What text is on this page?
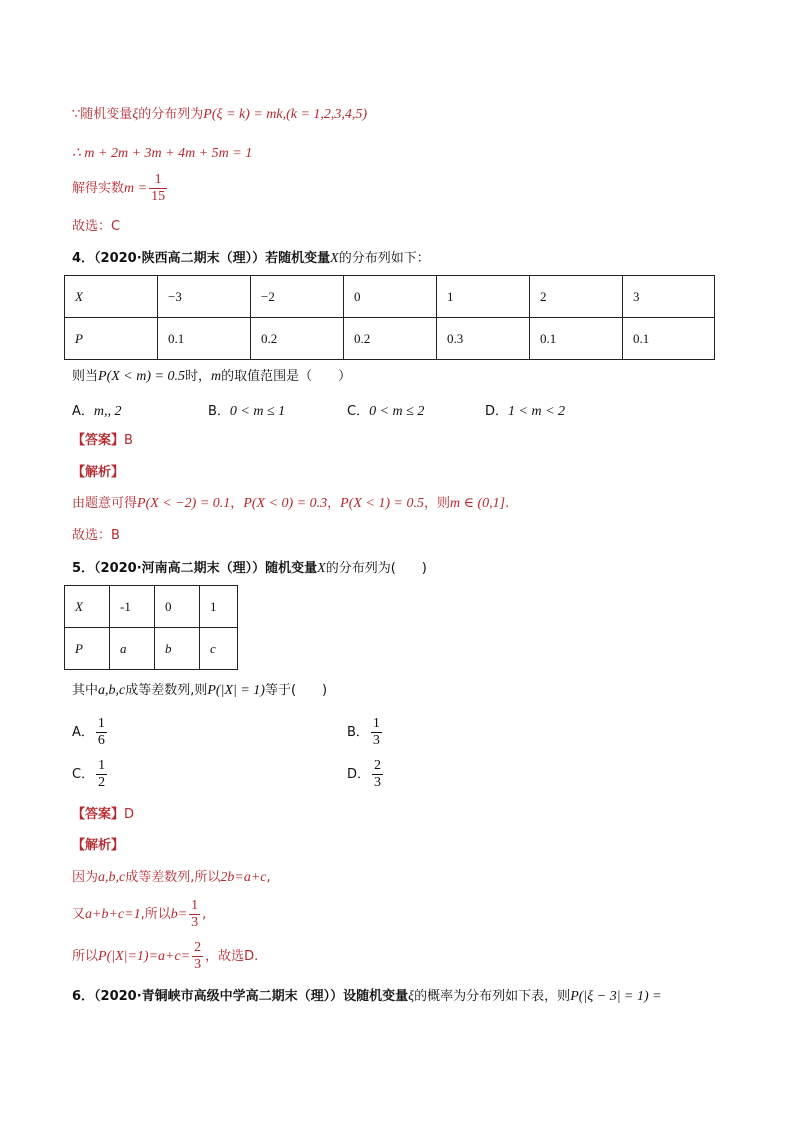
∵随机变量ξ的分布列为P(ξ = k) = mk,(k = 1,2,3,4,5)
∴ m + 2m + 3m + 4m + 5m = 1
解得实数$m = \frac{1}{15}$
故选：C
4．（2020·陕西高二期末（理））若随机变量X的分布列如下：
X	−3	−2	0	1	2	3
P	0.1	0.2	0.2	0.3	0.1	0.1
则当P(X < m) = 0.5时，m的取值范围是（　　）
A．m,, 2	B．0 < m ≤ 1	C．0 < m ≤ 2	D．1 < m < 2
【答案】B
【解析】
由题意可得P(X < −2) = 0.1，P(X < 0) = 0.3，P(X < 1) = 0.5，则m ∈ (0,1].
故选：B
5．（2020·河南高二期末（理））随机变量X的分布列为(　　)
X	-1	0	1
P	a	b	c
其中a,b,c成等差数列,则P(|X| = 1)等于(　　)
A． $\frac{1}{6}$	B． $\frac{1}{3}$
C． $\frac{1}{2}$	D． $\frac{2}{3}$
【答案】D
【解析】
因为a,b,c成等差数列,所以2b=a+c,
又a+b+c=1,所以$b= \frac{1}{3}$ ,
所以$P(|X|=1)=a+c= \frac{2}{3}$ ，故选D.
6．（2020·青铜峡市高级中学高二期末（理））设随机变量ξ的概率为分布列如下表，则P(|ξ − 3| = 1) =
